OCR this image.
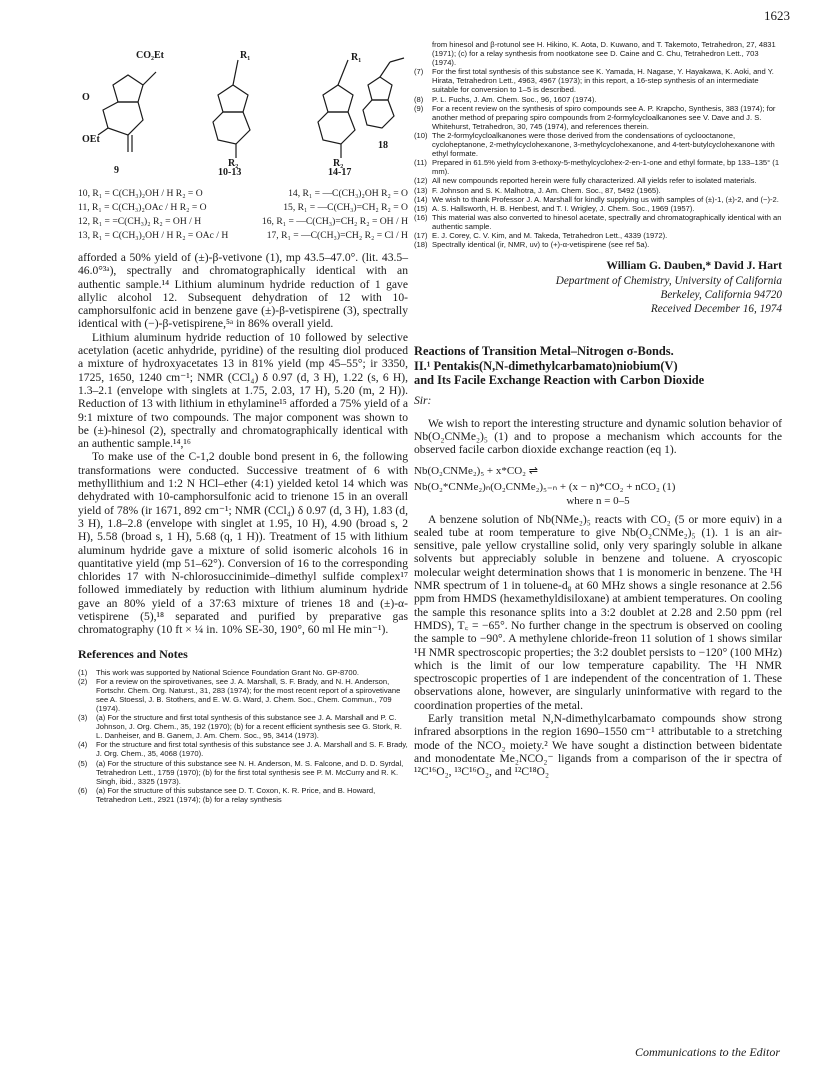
1623
CO₂Et	R₁	R₁
O
OEt
R₂	R₂
18
9	10-13	14-17
10, R₁ = C(CH₃)₂OH / H R₂ = O	14, R₁ = —C(CH₃)₂OH R₂ = O
11, R₁ = C(CH₃)₂OAc / H R₂ = O	15, R₁ = —C(CH₃)=CH₂ R₂ = O
12, R₁ = =C(CH₃)₂ R₂ = OH / H	16, R₁ = —C(CH₃)=CH₂ R₂ = OH / H
13, R₁ = C(CH₃)₂OH / H R₂ = OAc / H	17, R₁ = —C(CH₃)=CH₂ R₂ = Cl / H

afforded a 50% yield of (±)-β-vetivone (1), mp 43.5–47.0°. (lit. 43.5–46.0°³ᵃ), spectrally and chromatographically identical with an authentic sample.¹⁴ Lithium aluminum hydride reduction of 1 gave allylic alcohol 12. Subsequent dehydration of 12 with 10-camphorsulfonic acid in benzene gave (±)-β-vetispirene (3), spectrally identical with (−)-β-vetispirene,⁵ᵃ in 86% overall yield.

Lithium aluminum hydride reduction of 10 followed by selective acetylation (acetic anhydride, pyridine) of the resulting diol produced a mixture of hydroxyacetates 13 in 81% yield (mp 45–55°; ir 3350, 1725, 1650, 1240 cm⁻¹; NMR (CCl₄) δ 0.97 (d, 3 H), 1.22 (s, 6 H), 1.3–2.1 (envelope with singlets at 1.75, 2.03, 17 H), 5.20 (m, 2 H)). Reduction of 13 with lithium in ethylamine¹⁵ afforded a 75% yield of a 9:1 mixture of two compounds. The major component was shown to be (±)-hinesol (2), spectrally and chromatographically identical with an authentic sample.¹⁴,¹⁶

To make use of the C-1,2 double bond present in 6, the following transformations were conducted. Successive treatment of 6 with methyllithium and 1:2 N HCl–ether (4:1) yielded ketol 14 which was dehydrated with 10-camphorsulfonic acid to trienone 15 in an overall yield of 78% (ir 1671, 892 cm⁻¹; NMR (CCl₄) δ 0.97 (d, 3 H), 1.83 (d, 3 H), 1.8–2.8 (envelope with singlet at 1.95, 10 H), 4.90 (broad s, 2 H), 5.58 (broad s, 1 H), 5.68 (q, 1 H)). Treatment of 15 with lithium aluminum hydride gave a mixture of solid isomeric alcohols 16 in quantitative yield (mp 51–62°). Conversion of 16 to the corresponding chlorides 17 with N-chlorosuccinimide–dimethyl sulfide complex¹⁷ followed immediately by reduction with lithium aluminum hydride gave an 80% yield of a 37:63 mixture of trienes 18 and (±)-α-vetispirene (5),¹⁸ separated and purified by preparative gas chromatography (10 ft × ¼ in. 10% SE-30, 190°, 60 ml He min⁻¹).

References and Notes
(1)	This work was supported by National Science Foundation Grant No. GP-8700.
(2)	For a review on the spirovetivanes, see J. A. Marshall, S. F. Brady, and N. H. Anderson, Fortschr. Chem. Org. Naturst., 31, 283 (1974); for the most recent report of a spirovetivane see A. Stoessl, J. B. Stothers, and E. W. G. Ward, J. Chem. Soc., Chem. Commun., 709 (1974).
(3)	(a) For the structure and first total synthesis of this substance see J. A. Marshall and P. C. Johnson, J. Org. Chem., 35, 192 (1970); (b) for a recent efficient synthesis see G. Stork, R. L. Danheiser, and B. Ganem, J. Am. Chem. Soc., 95, 3414 (1973).
(4)	For the structure and first total synthesis of this substance see J. A. Marshall and S. F. Brady, J. Org. Chem., 35, 4068 (1970).
(5)	(a) For the structure of this substance see N. H. Anderson, M. S. Falcone, and D. D. Syrdal, Tetrahedron Lett., 1759 (1970); (b) for the first total synthesis see P. M. McCurry and R. K. Singh, ibid., 3325 (1973).
(6)	(a) For the structure of this substance see D. T. Coxon, K. R. Price, and B. Howard, Tetrahedron Lett., 2921 (1974); (b) for a relay synthesis
from hinesol and β-rotunol see H. Hikino, K. Aota, D. Kuwano, and T. Takemoto, Tetrahedron, 27, 4831 (1971); (c) for a relay synthesis from nootkatone see D. Caine and C. Chu, Tetrahedron Lett., 703 (1974).
(7)	For the first total synthesis of this substance see K. Yamada, H. Nagase, Y. Hayakawa, K. Aoki, and Y. Hirata, Tetrahedron Lett., 4963, 4967 (1973); in this report, a 16-step synthesis of an intermediate suitable for conversion to 1–5 is described.
(8)	P. L. Fuchs, J. Am. Chem. Soc., 96, 1607 (1974).
(9)	For a recent review on the synthesis of spiro compounds see A. P. Krapcho, Synthesis, 383 (1974); for another method of preparing spiro compounds from 2-formylcycloalkanones see V. Dave and J. S. Whitehurst, Tetrahedron, 30, 745 (1974), and references therein.
(10) The 2-formylcycloalkanones were those derived from the condensations of cyclooctanone, cycloheptanone, 2-methylcyclohexanone, 3-methylcyclohexanone, and 4-tert-butylcyclohexanone with ethyl formate.
(11) Prepared in 61.5% yield from 3-ethoxy-5-methylcyclohex-2-en-1-one and ethyl formate, bp 133–135° (1 mm).
(12) All new compounds reported herein were fully characterized. All yields refer to isolated materials.
(13) F. Johnson and S. K. Malhotra, J. Am. Chem. Soc., 87, 5492 (1965).
(14) We wish to thank Professor J. A. Marshall for kindly supplying us with samples of (±)-1, (±)-2, and (−)-2.
(15) A. S. Hallsworth, H. B. Henbest, and T. I. Wrigley, J. Chem. Soc., 1969 (1957).
(16) This material was also converted to hinesol acetate, spectrally and chromatographically identical with an authentic sample.
(17) E. J. Corey, C. V. Kim, and M. Takeda, Tetrahedron Lett., 4339 (1972).
(18) Spectrally identical (ir, NMR, uv) to (+)-α-vetispirene (see ref 5a).
William G. Dauben,* David J. Hart

Department of Chemistry, University of California

Berkeley, California 94720

Received December 16, 1974

Reactions of Transition Metal–Nitrogen σ-Bonds.
II.¹ Pentakis(N,N-dimethylcarbamato)niobium(V)
and Its Facile Exchange Reaction with Carbon Dioxide
Sir:

We wish to report the interesting structure and dynamic solution behavior of Nb(O₂CNMe₂)₅ (1) and to propose a mechanism which accounts for the observed facile carbon dioxide exchange reaction (eq 1).

Nb(O₂CNMe₂)₅ + x*CO₂ ⇌

Nb(O₂*CNMe₂)ₙ(O₂CNMe₂)₅₋ₙ + (x − n)*CO₂ + nCO₂ (1)

where n = 0–5

A benzene solution of Nb(NMe₂)₅ reacts with CO₂ (5 or more equiv) in a sealed tube at room temperature to give Nb(O₂CNMe₂)₅ (1). 1 is an air-sensitive, pale yellow crystalline solid, only very sparingly soluble in alkane solvents but appreciably soluble in benzene and toluene. A cryoscopic molecular weight determination shows that 1 is monomeric in benzene. The ¹H NMR spectrum of 1 in toluene-d₈ at 60 MHz shows a single resonance at 2.56 ppm from HMDS (hexamethyldisiloxane) at ambient temperatures. On cooling the sample this resonance splits into a 3:2 doublet at 2.28 and 2.50 ppm (rel HMDS), T꜀ = −65°. No further change in the spectrum is observed on cooling the sample to −90°. A methylene chloride-freon 11 solution of 1 shows similar ¹H NMR spectroscopic properties; the 3:2 doublet persists to −120° (100 MHz) which is the limit of our low temperature capability. The ¹H NMR spectroscopic properties of 1 are independent of the concentration of 1. These observations alone, however, are singularly uninformative with regard to the coordination properties of the metal.

Early transition metal N,N-dimethylcarbamato compounds show strong infrared absorptions in the region 1690–1550 cm⁻¹ attributable to a stretching mode of the NCO₂ moiety.² We have sought a distinction between bidentate and monodentate Me₂NCO₂⁻ ligands from a comparison of the ir spectra of ¹²C¹⁶O₂, ¹³C¹⁶O₂, and ¹²C¹⁸O₂

Communications to the Editor
